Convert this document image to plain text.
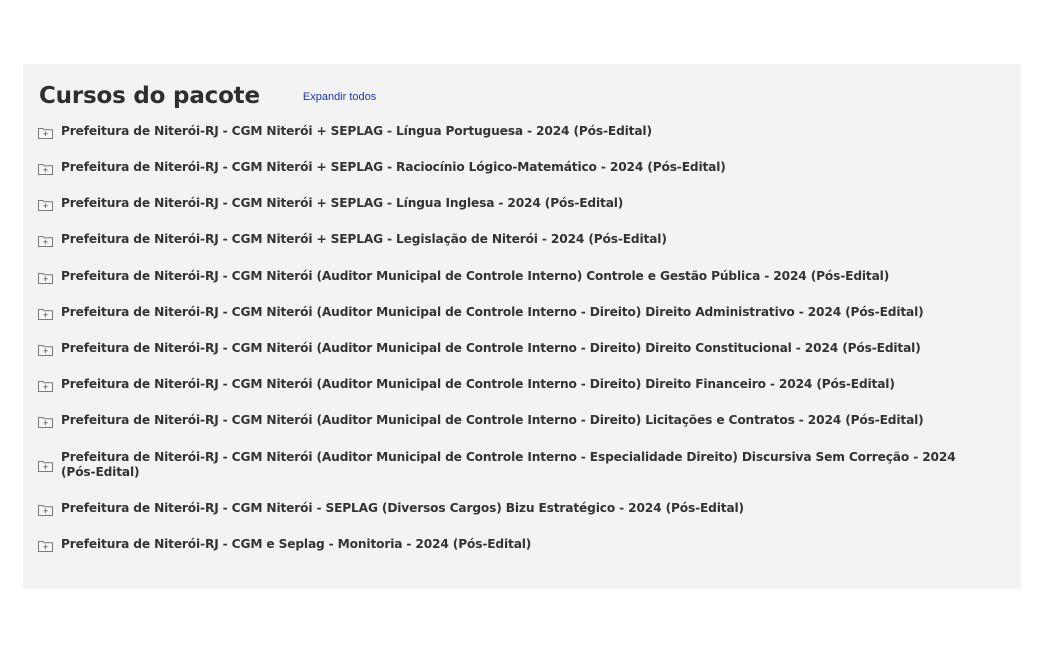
Cursos do pacote	Expandir todos
Prefeitura de Niterói-RJ - CGM Niterói + SEPLAG - Língua Portuguesa - 2024 (Pós-Edital)
Prefeitura de Niterói-RJ - CGM Niterói + SEPLAG - Raciocínio Lógico-Matemático - 2024 (Pós-Edital)
Prefeitura de Niterói-RJ - CGM Niterói + SEPLAG - Língua Inglesa - 2024 (Pós-Edital)
Prefeitura de Niterói-RJ - CGM Niterói + SEPLAG - Legislação de Niterói - 2024 (Pós-Edital)
Prefeitura de Niterói-RJ - CGM Niterói (Auditor Municipal de Controle Interno) Controle e Gestão Pública - 2024 (Pós-Edital)
Prefeitura de Niterói-RJ - CGM Niterói (Auditor Municipal de Controle Interno - Direito) Direito Administrativo - 2024 (Pós-Edital)
Prefeitura de Niterói-RJ - CGM Niterói (Auditor Municipal de Controle Interno - Direito) Direito Constitucional - 2024 (Pós-Edital)
Prefeitura de Niterói-RJ - CGM Niterói (Auditor Municipal de Controle Interno - Direito) Direito Financeiro - 2024 (Pós-Edital)
Prefeitura de Niterói-RJ - CGM Niterói (Auditor Municipal de Controle Interno - Direito) Licitações e Contratos - 2024 (Pós-Edital)
Prefeitura de Niterói-RJ - CGM Niterói (Auditor Municipal de Controle Interno - Especialidade Direito) Discursiva Sem Correção - 2024 (Pós-Edital)
Prefeitura de Niterói-RJ - CGM Niterói - SEPLAG (Diversos Cargos) Bizu Estratégico - 2024 (Pós-Edital)
Prefeitura de Niterói-RJ - CGM e Seplag - Monitoria - 2024 (Pós-Edital)
